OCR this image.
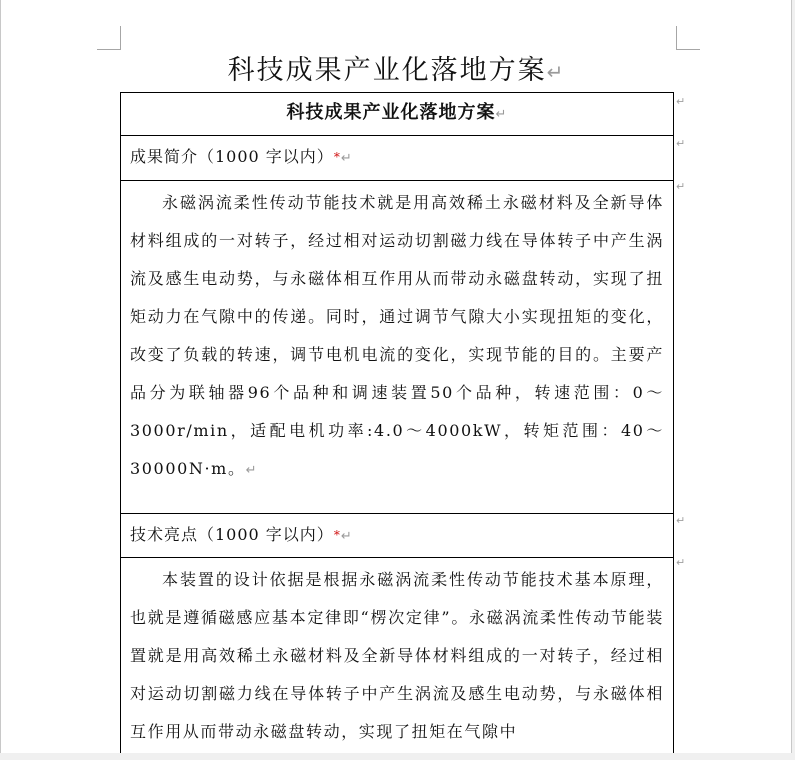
科技成果产业化落地方案↵
科技成果产业化落地方案↵
成果简介（1000 字以内）*↵

永磁涡流柔性传动节能技术就是用高效稀土永磁材料及全新导体材料组成的一对转子，经过相对运动切割磁力线在导体转子中产生涡流及感生电动势，与永磁体相互作用从而带动永磁盘转动，实现了扭矩动力在气隙中的传递。同时，通过调节气隙大小实现扭矩的变化，改变了负载的转速，调节电机电流的变化，实现节能的目的。主要产品分为联轴器96个品种和调速装置50个品种，转速范围：0～3000r/min，适配电机功率:4.0～4000kW，转矩范围：40～30000N·m。↵

技术亮点（1000 字以内）*↵

本装置的设计依据是根据永磁涡流柔性传动节能技术基本原理，也就是遵循磁感应基本定律即“楞次定律”。永磁涡流柔性传动节能装置就是用高效稀土永磁材料及全新导体材料组成的一对转子，经过相对运动切割磁力线在导体转子中产生涡流及感生电动势，与永磁体相互作用从而带动永磁盘转动，实现了扭矩在气隙中

↵
↵
↵
↵
↵
